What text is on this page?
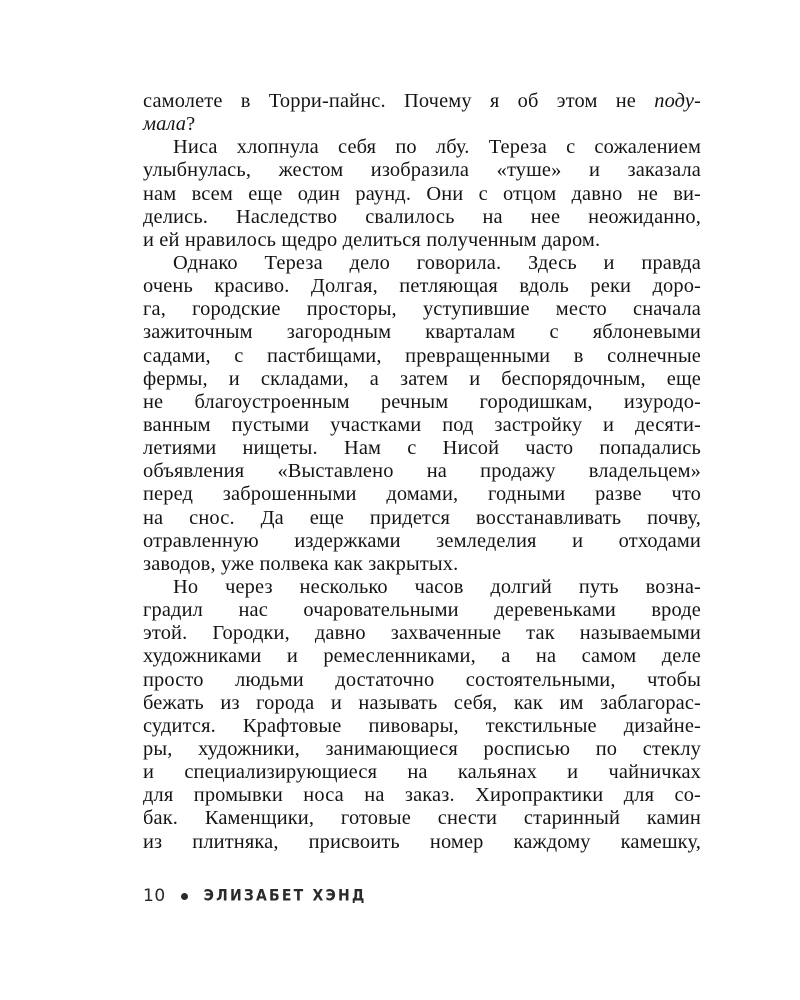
самолете в Торри-пайнс. Почему я об этом не поду-
мала?
Ниса хлопнула себя по лбу. Тереза с сожалением
улыбнулась, жестом изобразила «туше» и заказала
нам всем еще один раунд. Они с отцом давно не ви-
делись. Наследство свалилось на нее неожиданно,
и ей нравилось щедро делиться полученным даром.
Однако Тереза дело говорила. Здесь и правда
очень красиво. Долгая, петляющая вдоль реки доро-
га, городские просторы, уступившие место сначала
зажиточным загородным кварталам с яблоневыми
садами, с пастбищами, превращенными в солнечные
фермы, и складами, а затем и беспорядочным, еще
не благоустроенным речным городишкам, изуродо-
ванным пустыми участками под застройку и десяти-
летиями нищеты. Нам с Нисой часто попадались
объявления «Выставлено на продажу владельцем»
перед заброшенными домами, годными разве что
на снос. Да еще придется восстанавливать почву,
отравленную издержками земледелия и отходами
заводов, уже полвека как закрытых.
Но через несколько часов долгий путь возна-
градил нас очаровательными деревеньками вроде
этой. Городки, давно захваченные так называемыми
художниками и ремесленниками, а на самом деле
просто людьми достаточно состоятельными, чтобы
бежать из города и называть себя, как им заблагорас-
судится. Крафтовые пивовары, текстильные дизайне-
ры, художники, занимающиеся росписью по стеклу
и специализирующиеся на кальянах и чайничках
для промывки носа на заказ. Хиропрактики для со-
бак. Каменщики, готовые снести старинный камин
из плитняка, присвоить номер каждому камешку,
10	ЭЛИЗАБЕТ ХЭНД
